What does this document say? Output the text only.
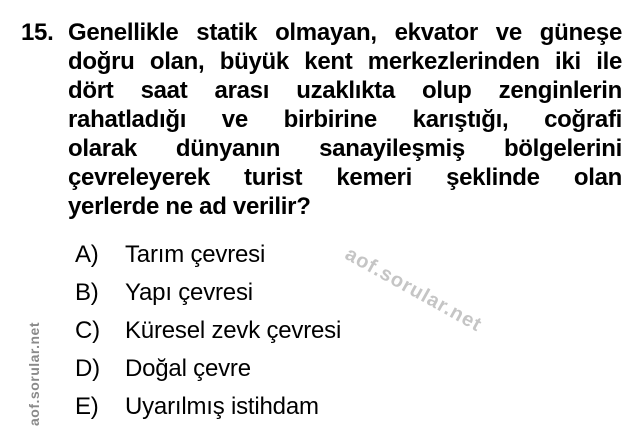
15. Genellikle statik olmayan, ekvator ve güneşe
doğru olan, büyük kent merkezlerinden iki ile
dört saat arası uzaklıkta olup zenginlerin
rahatladığı ve birbirine karıştığı, coğrafi
olarak dünyanın sanayileşmiş bölgelerini
çevreleyerek turist kemeri şeklinde olan
yerlerde ne ad verilir?
A)	Tarım çevresi
B)	Yapı çevresi
C)	Küresel zevk çevresi
D)	Doğal çevre
E)	Uyarılmış istihdam
aof.sorular.net
aof.sorular.net
